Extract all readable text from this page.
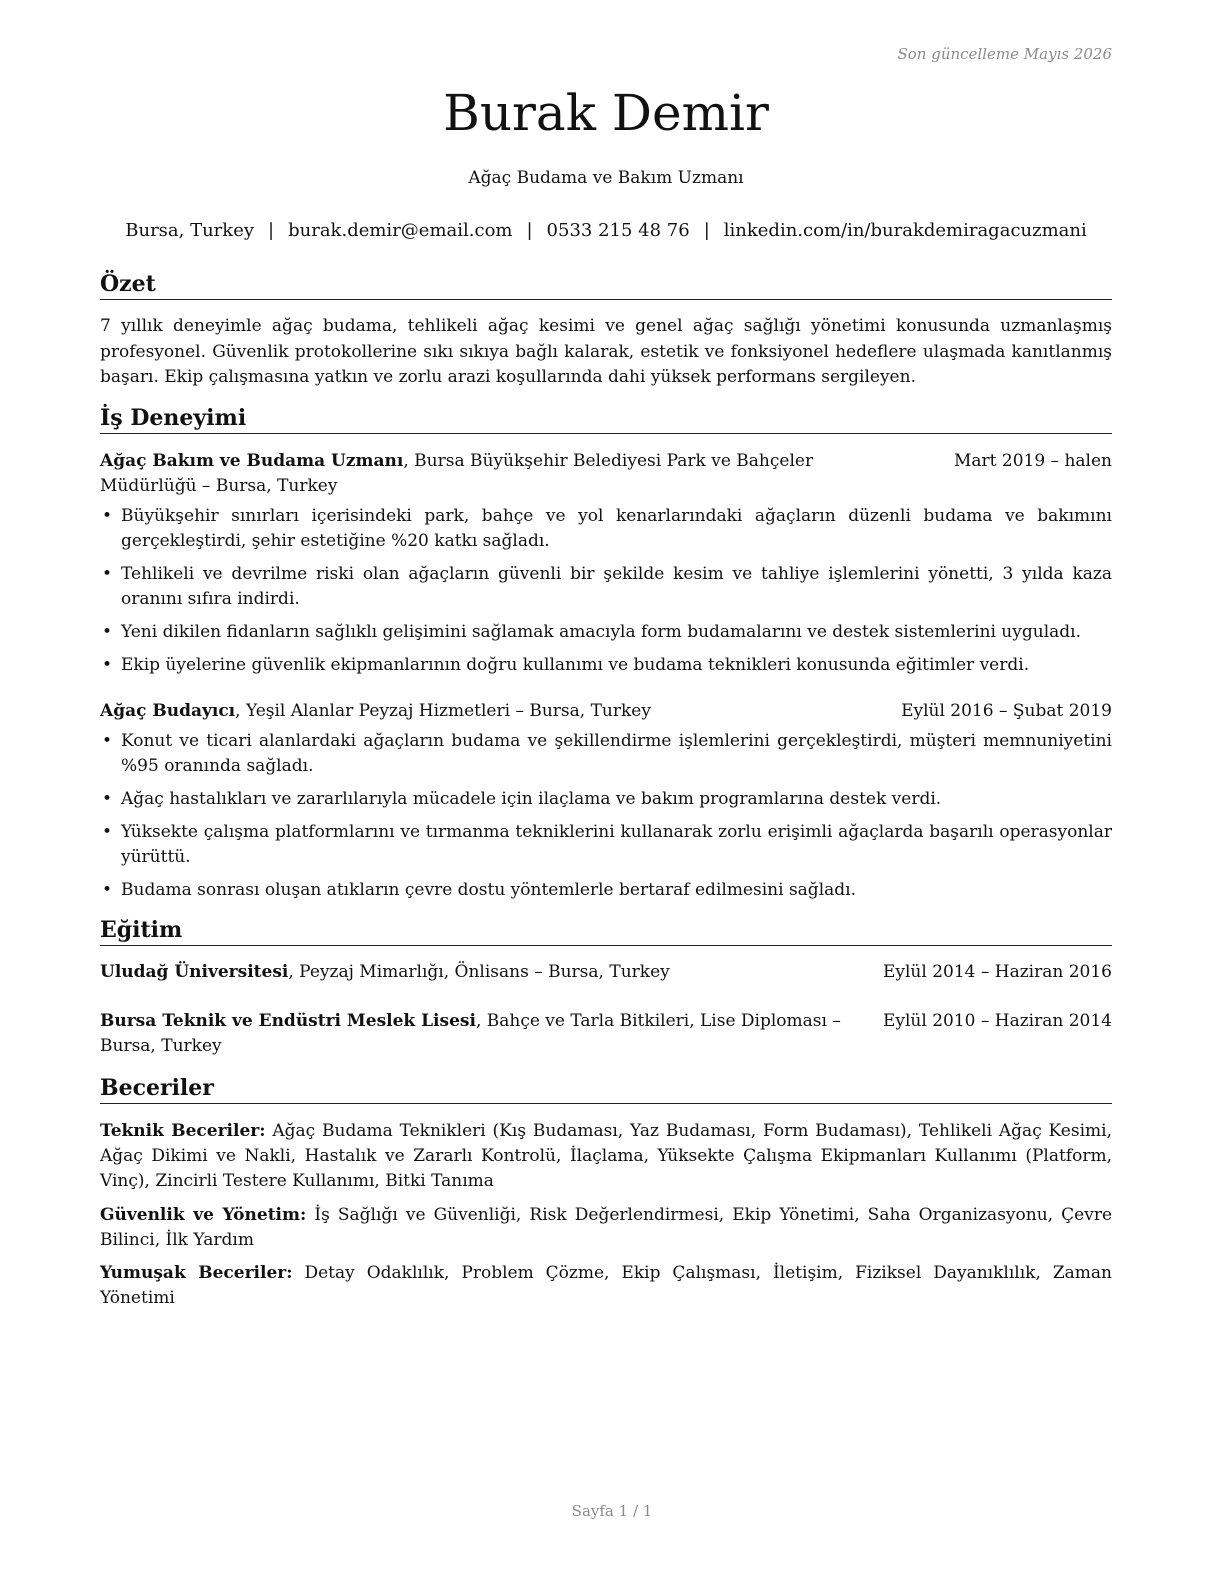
Son güncelleme Mayıs 2026
Burak Demir
Ağaç Budama ve Bakım Uzmanı
Bursa, Turkey | burak.demir@email.com | 0533 215 48 76 | linkedin.com/in/burakdemiragacuzmani
Özet
7 yıllık deneyimle ağaç budama, tehlikeli ağaç kesimi ve genel ağaç sağlığı yönetimi konusunda uzmanlaşmış profesyonel. Güvenlik protokollerine sıkı sıkıya bağlı kalarak, estetik ve fonksiyonel hedeflere ulaşmada kanıtlanmış başarı. Ekip çalışmasına yatkın ve zorlu arazi koşullarında dahi yüksek performans sergileyen.
İş Deneyimi
Ağaç Bakım ve Budama Uzmanı, Bursa Büyükşehir Belediyesi Park ve Bahçeler Müdürlüğü – Bursa, Turkey
Mart 2019 – halen
• Büyükşehir sınırları içerisindeki park, bahçe ve yol kenarlarındaki ağaçların düzenli budama ve bakımını gerçekleştirdi, şehir estetiğine %20 katkı sağladı.
• Tehlikeli ve devrilme riski olan ağaçların güvenli bir şekilde kesim ve tahliye işlemlerini yönetti, 3 yılda kaza oranını sıfıra indirdi.
• Yeni dikilen fidanların sağlıklı gelişimini sağlamak amacıyla form budamalarını ve destek sistemlerini uyguladı.
• Ekip üyelerine güvenlik ekipmanlarının doğru kullanımı ve budama teknikleri konusunda eğitimler verdi.
Ağaç Budayıcı, Yeşil Alanlar Peyzaj Hizmetleri – Bursa, Turkey	Eylül 2016 – Şubat 2019
• Konut ve ticari alanlardaki ağaçların budama ve şekillendirme işlemlerini gerçekleştirdi, müşteri memnuniyetini %95 oranında sağladı.
• Ağaç hastalıkları ve zararlılarıyla mücadele için ilaçlama ve bakım programlarına destek verdi.
• Yüksekte çalışma platformlarını ve tırmanma tekniklerini kullanarak zorlu erişimli ağaçlarda başarılı operasyonlar yürüttü.
• Budama sonrası oluşan atıkların çevre dostu yöntemlerle bertaraf edilmesini sağladı.
Eğitim
Uludağ Üniversitesi, Peyzaj Mimarlığı, Önlisans – Bursa, Turkey	Eylül 2014 – Haziran 2016
Bursa Teknik ve Endüstri Meslek Lisesi, Bahçe ve Tarla Bitkileri, Lise Diploması – Bursa, Turkey
Eylül 2010 – Haziran 2014
Beceriler
Teknik Beceriler: Ağaç Budama Teknikleri (Kış Budaması, Yaz Budaması, Form Budaması), Tehlikeli Ağaç Kesimi, Ağaç Dikimi ve Nakli, Hastalık ve Zararlı Kontrolü, İlaçlama, Yüksekte Çalışma Ekipmanları Kullanımı (Platform, Vinç), Zincirli Testere Kullanımı, Bitki Tanıma
Güvenlik ve Yönetim: İş Sağlığı ve Güvenliği, Risk Değerlendirmesi, Ekip Yönetimi, Saha Organizasyonu, Çevre Bilinci, İlk Yardım
Yumuşak Beceriler: Detay Odaklılık, Problem Çözme, Ekip Çalışması, İletişim, Fiziksel Dayanıklılık, Zaman Yönetimi
Sayfa 1 / 1
